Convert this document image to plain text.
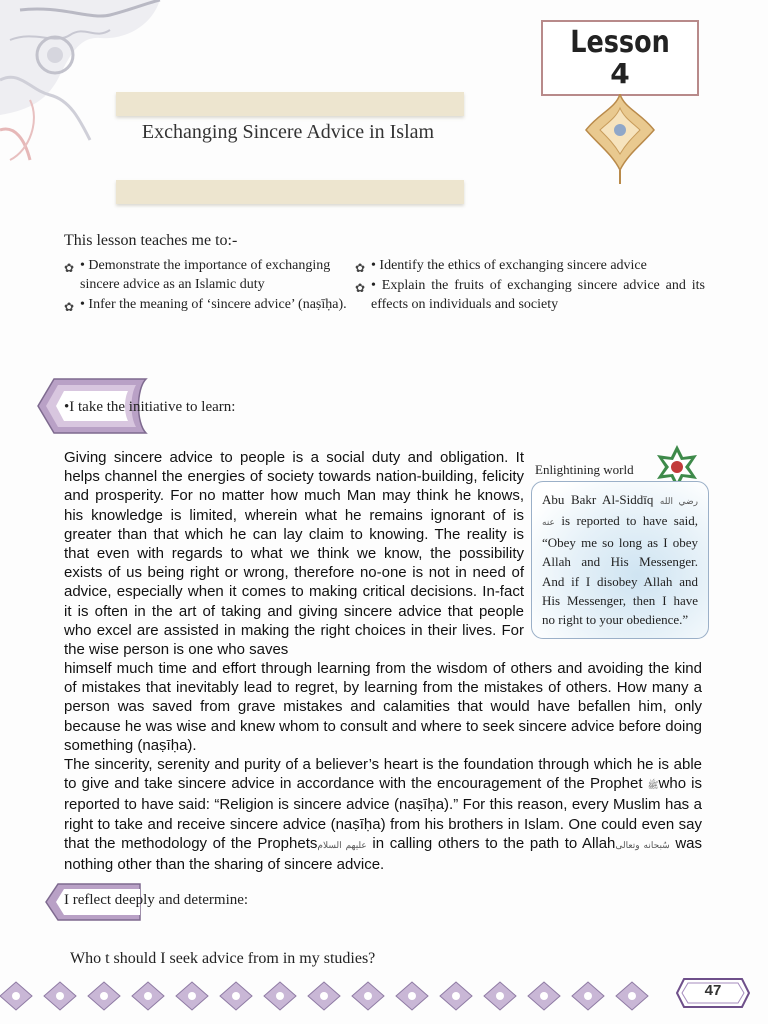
Lesson
4
Exchanging Sincere Advice in Islam
This lesson teaches me to:-
✿ • Demonstrate the importance of exchanging sincere advice as an Islamic duty
✿ • Infer the meaning of ‘sincere advice’ (naṣīḥa).
✿ • Identify the ethics of exchanging sincere advice
✿ • Explain the fruits of exchanging sincere advice and its effects on individuals and society
•I take the initiative to learn:

Giving sincere advice to people is a social duty and obligation. It helps channel the energies of society towards nation-building, felicity and prosperity. For no matter how much Man may think he knows, his knowledge is limited, wherein what he remains ignorant of is greater than that which he can lay claim to knowing. The reality is that even with regards to what we think we know, the possibility exists of us being right or wrong, therefore no-one is not in need of advice, especially when it comes to making critical decisions. In-fact it is often in the art of taking and giving sincere advice that people who excel are assisted in making the right choices in their lives. For the wise person is one who saves

himself much time and effort through learning from the wisdom of others and avoiding the kind of mistakes that inevitably lead to regret, by learning from the mistakes of others. How many a person was saved from grave mistakes and calamities that would have befallen him, only because he was wise and knew whom to consult and where to seek sincere advice before doing something (naṣīḥa).

The sincerity, serenity and purity of a believer’s heart is the foundation through which he is able to give and take sincere advice in accordance with the encouragement of the Prophet ﷺwho is reported to have said: “Religion is sincere advice (naṣīḥa).” For this reason, every Muslim has a right to take and receive sincere advice (naṣīḥa) from his brothers in Islam. One could even say that the methodology of the Prophetsعليهم السلام in calling others to the path to Allahسُبحانه وتعالى was nothing other than the sharing of sincere advice.

Enlightining world

Abu Bakr Al-Siddīq رضي الله عنه is reported to have said, “Obey me so long as I obey Allah and His Messenger. And if I disobey Allah and His Messenger, then I have no right to your obedience.”

I reflect deeply and determine:
Who t should I seek advice from in my studies?
47
